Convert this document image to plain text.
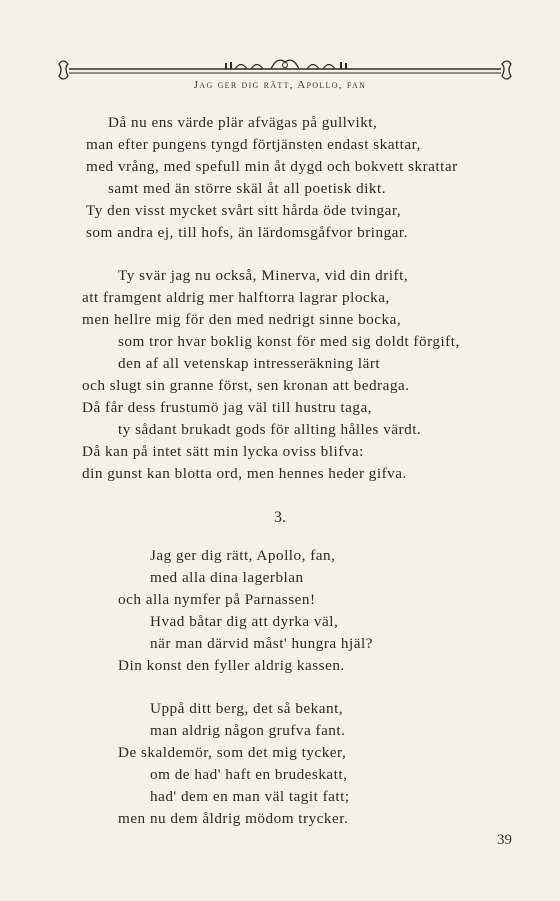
Jag ger dig rätt, Apollo, fan
Då nu ens värde plär afvägas på gullvikt,
man efter pungens tyngd förtjänsten endast skattar,
med vrång, med spefull min åt dygd och bokvett skrattar
samt med än större skäl åt all poetisk dikt.
Ty den visst mycket svårt sitt hårda öde tvingar,
som andra ej, till hofs, än lärdomsgåfvor bringar.
Ty svär jag nu också, Minerva, vid din drift,
att framgent aldrig mer halftorra lagrar plocka,
men hellre mig för den med nedrigt sinne bocka,
som tror hvar boklig konst för med sig doldt förgift,
den af all vetenskap intresseräkning lärt
och slugt sin granne först, sen kronan att bedraga.
Då får dess frustumö jag väl till hustru taga,
ty sådant brukadt gods för allting hålles värdt.
Då kan på intet sätt min lycka oviss blifva:
din gunst kan blotta ord, men hennes heder gifva.
3.
Jag ger dig rätt, Apollo, fan,
med alla dina lagerblan
och alla nymfer på Parnassen!
Hvad båtar dig att dyrka väl,
när man därvid måst' hungra hjäl?
Din konst den fyller aldrig kassen.
Uppå ditt berg, det så bekant,
man aldrig någon grufva fant.
De skaldemör, som det mig tycker,
om de had' haft en brudeskatt,
had' dem en man väl tagit fatt;
men nu dem åldrig mödom trycker.
39
